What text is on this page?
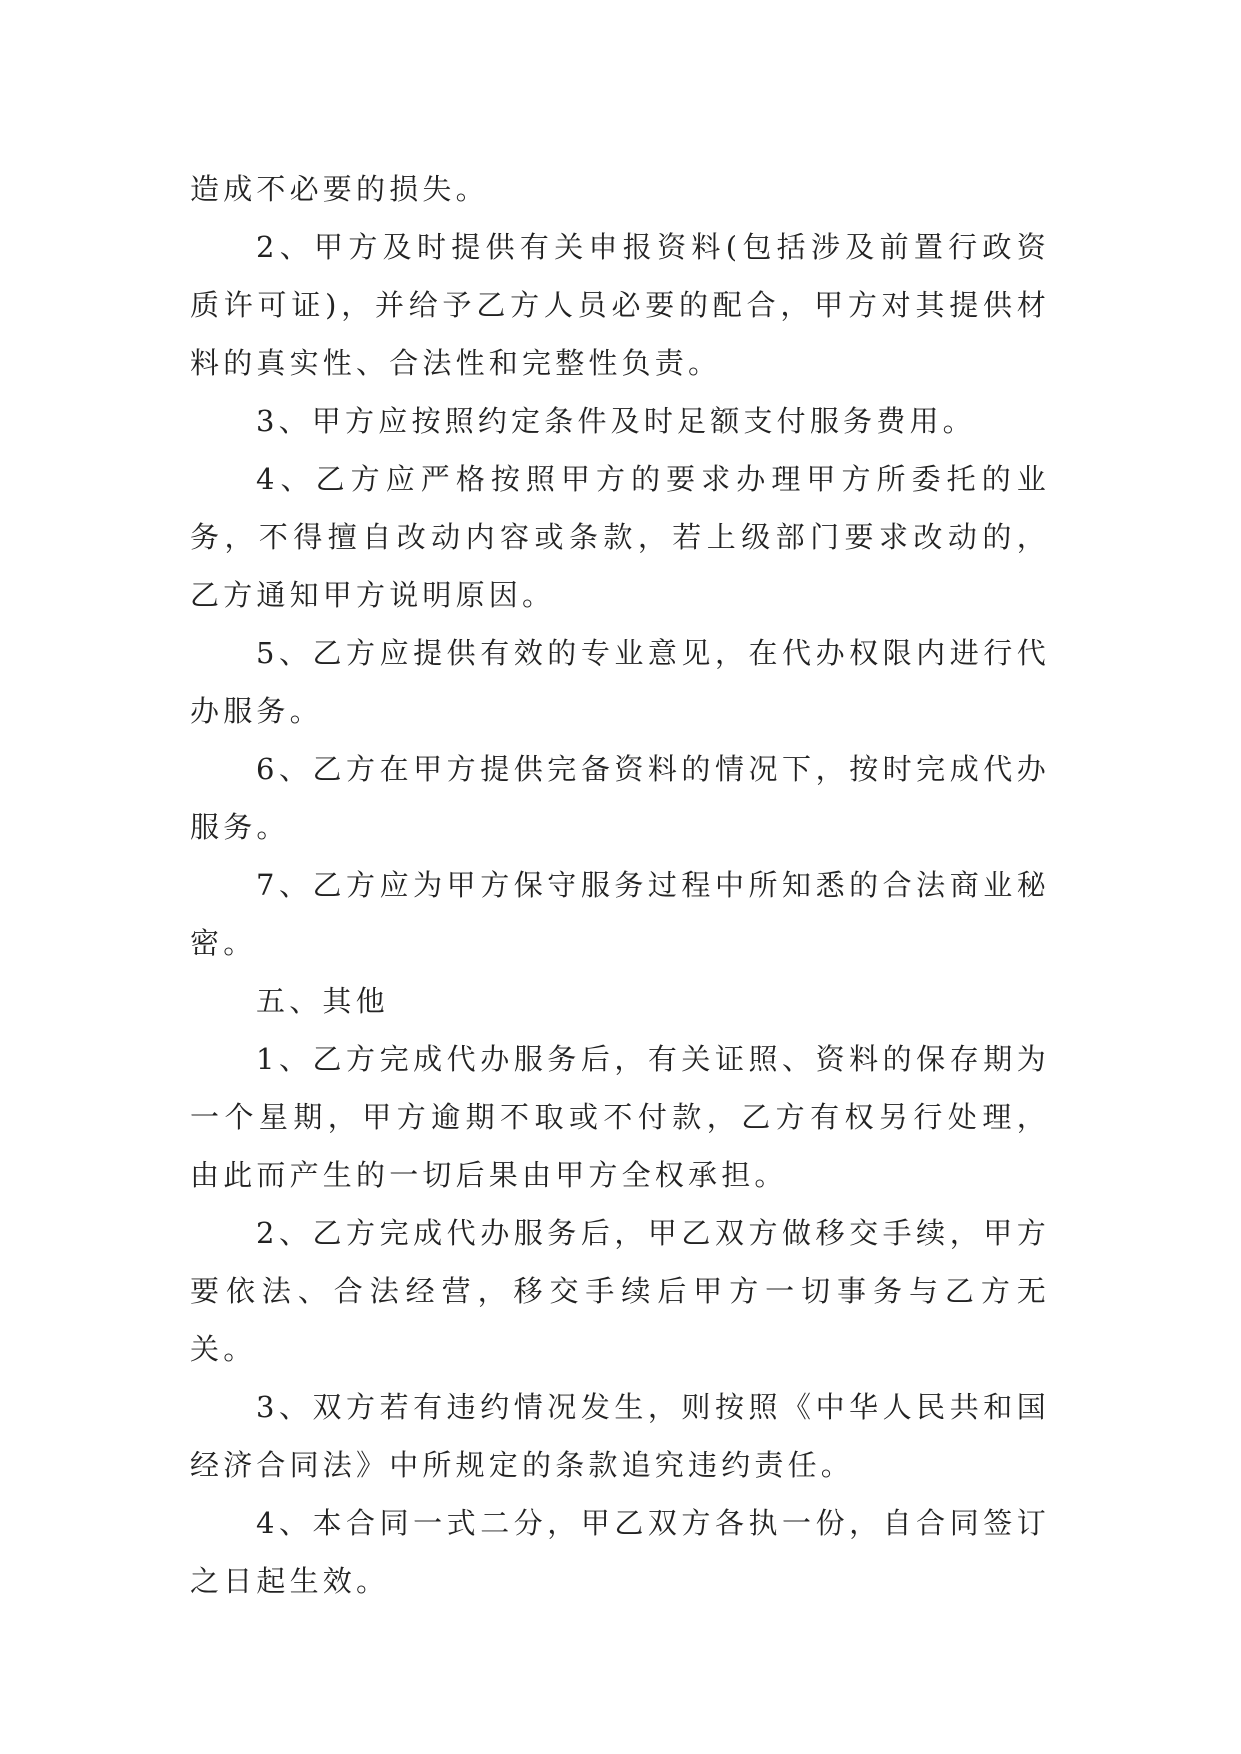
造成不必要的损失。

2、甲方及时提供有关申报资料(包括涉及前置行政资质许可证)，并给予乙方人员必要的配合，甲方对其提供材料的真实性、合法性和完整性负责。

3、甲方应按照约定条件及时足额支付服务费用。

4、乙方应严格按照甲方的要求办理甲方所委托的业务，不得擅自改动内容或条款，若上级部门要求改动的，乙方通知甲方说明原因。

5、乙方应提供有效的专业意见，在代办权限内进行代办服务。

6、乙方在甲方提供完备资料的情况下，按时完成代办服务。

7、乙方应为甲方保守服务过程中所知悉的合法商业秘密。

五、其他

1、乙方完成代办服务后，有关证照、资料的保存期为一个星期，甲方逾期不取或不付款，乙方有权另行处理，由此而产生的一切后果由甲方全权承担。

2、乙方完成代办服务后，甲乙双方做移交手续，甲方要依法、合法经营，移交手续后甲方一切事务与乙方无关。

3、双方若有违约情况发生，则按照《中华人民共和国经济合同法》中所规定的条款追究违约责任。

4、本合同一式二分，甲乙双方各执一份，自合同签订之日起生效。
